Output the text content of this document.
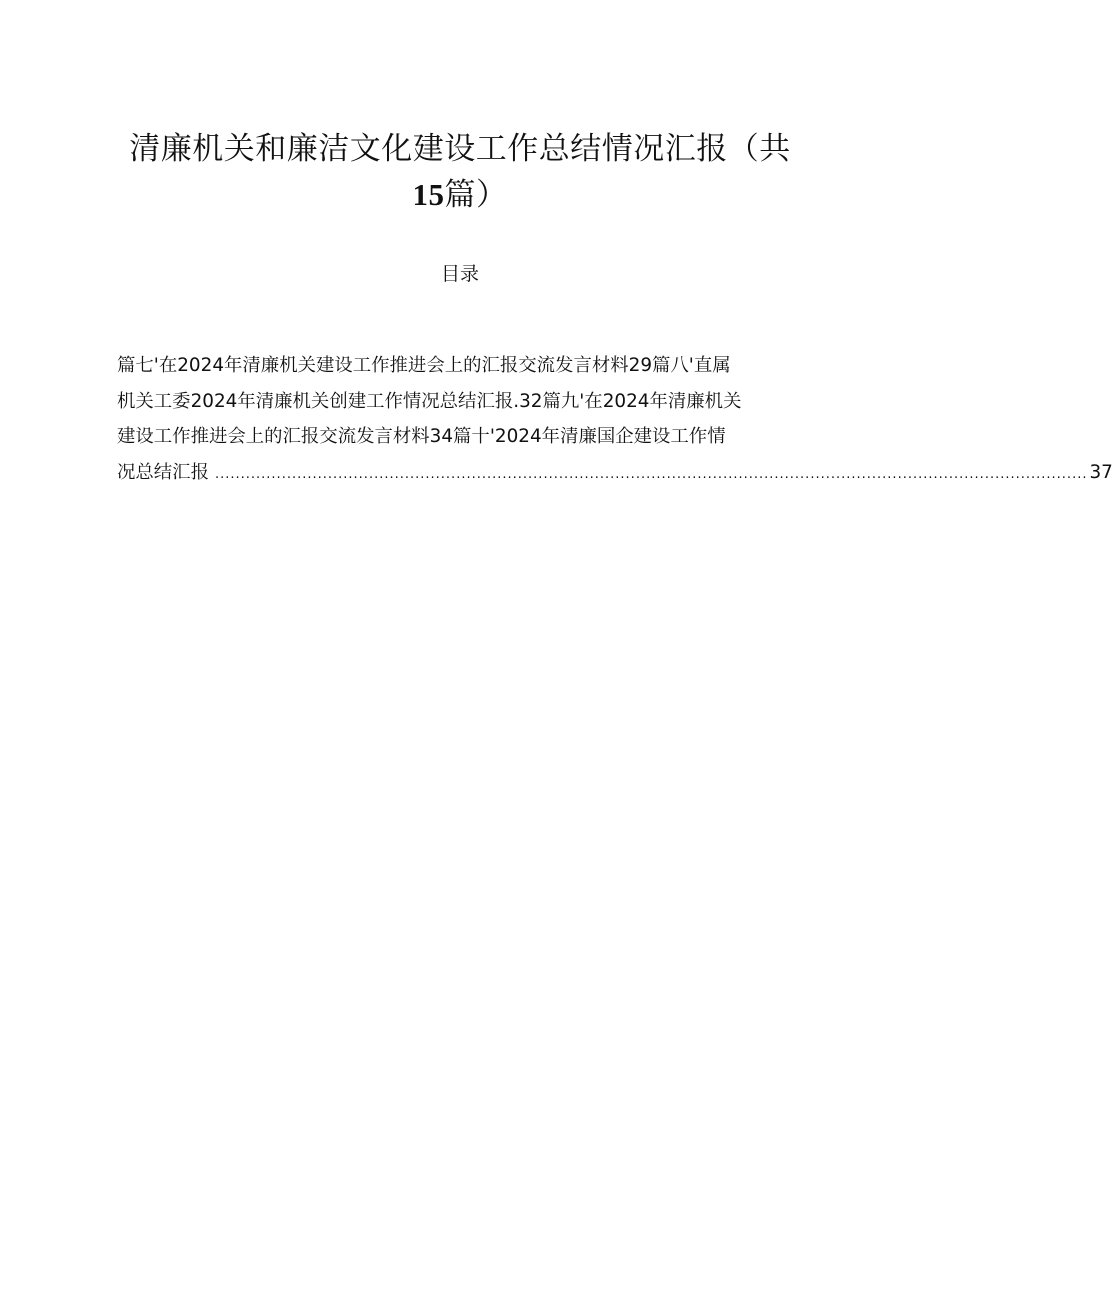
清廉机关和廉洁文化建设工作总结情况汇报（共
15篇）
目录
篇七'在2024年清廉机关建设工作推进会上的汇报交流发言材料29篇八'直属
机关工委2024年清廉机关创建工作情况总结汇报.32篇九'在2024年清廉机关
建设工作推进会上的汇报交流发言材料34篇十'2024年清廉国企建设工作情
况总结汇报 .......................................................................................................................................................................... 37
